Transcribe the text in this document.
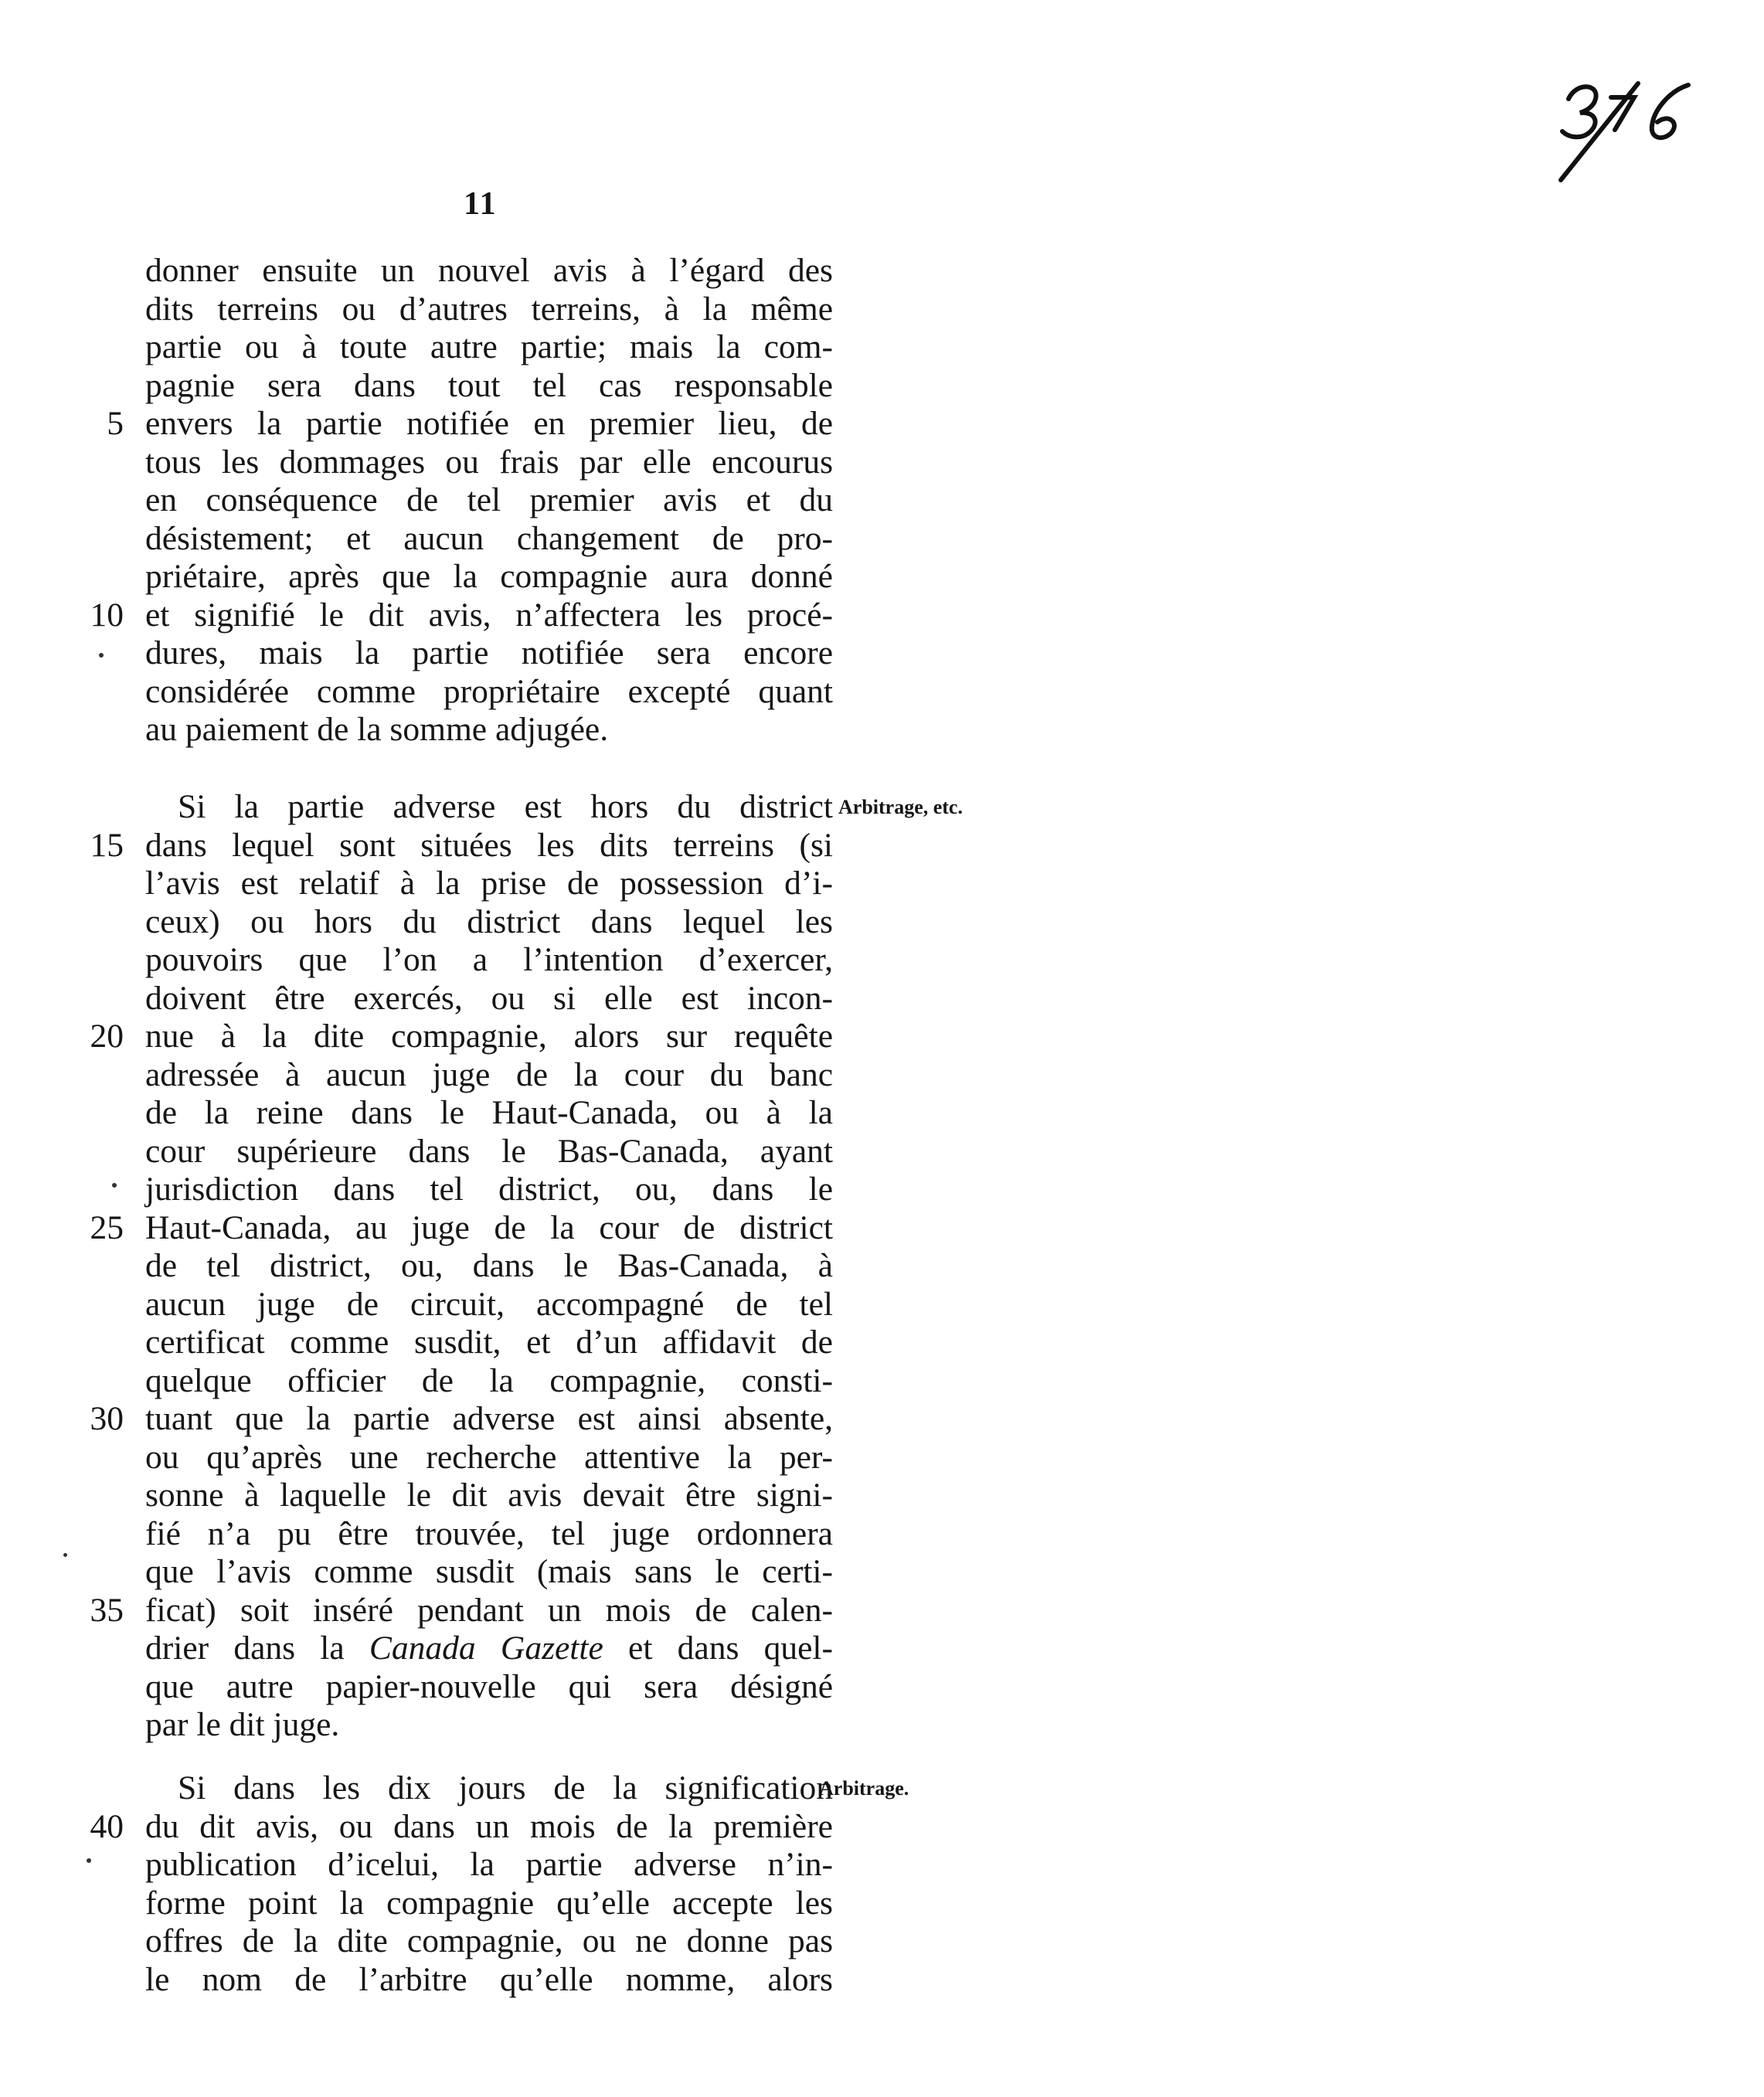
11
donner ensuite un nouvel avis à l’égard des
dits terreins ou d’autres terreins, à la même
partie ou à toute autre partie; mais la com-
pagnie sera dans tout tel cas responsable
5 envers la partie notifiée en premier lieu, de
tous les dommages ou frais par elle encourus
en conséquence de tel premier avis et du
désistement; et aucun changement de pro-
priétaire, après que la compagnie aura donné
10 et signifié le dit avis, n’affectera les procé-
dures, mais la partie notifiée sera encore
considérée comme propriétaire excepté quant
au paiement de la somme adjugée.
Si la partie adverse est hors du district
15 dans lequel sont situées les dits terreins (si
l’avis est relatif à la prise de possession d’i-
ceux) ou hors du district dans lequel les
pouvoirs que l’on a l’intention d’exercer,
doivent être exercés, ou si elle est incon-
20 nue à la dite compagnie, alors sur requête
adressée à aucun juge de la cour du banc
de la reine dans le Haut-Canada, ou à la
cour supérieure dans le Bas-Canada, ayant
jurisdiction dans tel district, ou, dans le
25 Haut-Canada, au juge de la cour de district
de tel district, ou, dans le Bas-Canada, à
aucun juge de circuit, accompagné de tel
certificat comme susdit, et d’un affidavit de
quelque officier de la compagnie, consti-
30 tuant que la partie adverse est ainsi absente,
ou qu’après une recherche attentive la per-
sonne à laquelle le dit avis devait être signi-
fié n’a pu être trouvée, tel juge ordonnera
que l’avis comme susdit (mais sans le certi-
35 ficat) soit inséré pendant un mois de calen-
drier dans la Canada Gazette et dans quel-
que autre papier-nouvelle qui sera désigné
par le dit juge.
Arbitrage, etc.
Si dans les dix jours de la signification
40 du dit avis, ou dans un mois de la première
publication d’icelui, la partie adverse n’in-
forme point la compagnie qu’elle accepte les
offres de la dite compagnie, ou ne donne pas
le nom de l’arbitre qu’elle nomme, alors
Arbitrage.
